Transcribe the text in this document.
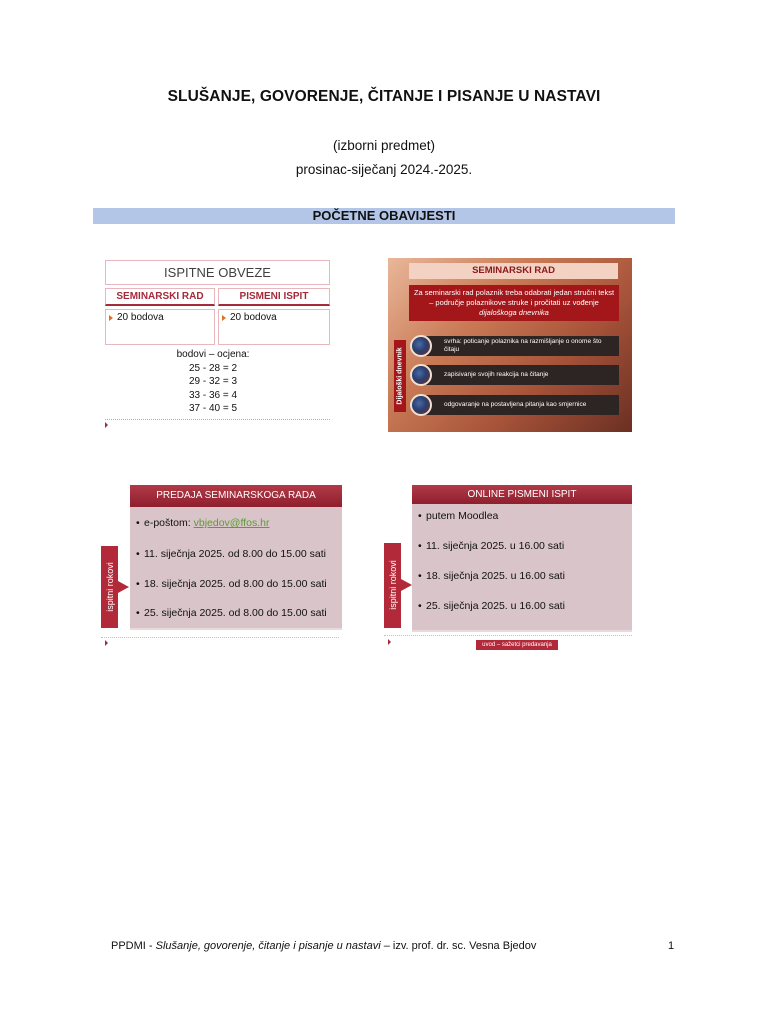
SLUŠANJE, GOVORENJE, ČITANJE I PISANJE U NASTAVI
(izborni predmet)
prosinac-siječanj 2024.-2025.
POČETNE OBAVIJESTI
ISPITNE OBVEZE
SEMINARSKI RAD	PISMENI ISPIT
20 bodova	20 bodova
bodovi – ocjena:
25 - 28 = 2
29 - 32 = 3
33 - 36 = 4
37 - 40 = 5
SEMINARSKI RAD
Za seminarski rad polaznik treba odabrati jedan stručni tekst – područje polaznikove struke i pročitati uz vođenje dijaloškoga dnevnika
Dijaloški dnevnik
svrha: poticanje polaznika na razmišljanje o onome što čitaju
zapisivanje svojih reakcija na čitanje
odgovaranje na postavljena pitanja kao smjernice
PREDAJA SEMINARSKOGA RADA
• e-poštom: vbjedov@ffos.hr
• 11. siječnja 2025. od 8.00 do 15.00 sati
• 18. siječnja 2025. od 8.00 do 15.00 sati
• 25. siječnja 2025. od 8.00 do 15.00 sati
ispitni rokovi
ONLINE PISMENI ISPIT
• putem Moodlea
• 11. siječnja 2025. u 16.00 sati
• 18. siječnja 2025. u 16.00 sati
• 25. siječnja 2025. u 16.00 sati
ispitni rokovi
uvod – sažetci predavanja
PPDMI - Slušanje, govorenje, čitanje i pisanje u nastavi – izv. prof. dr. sc. Vesna Bjedov	1
